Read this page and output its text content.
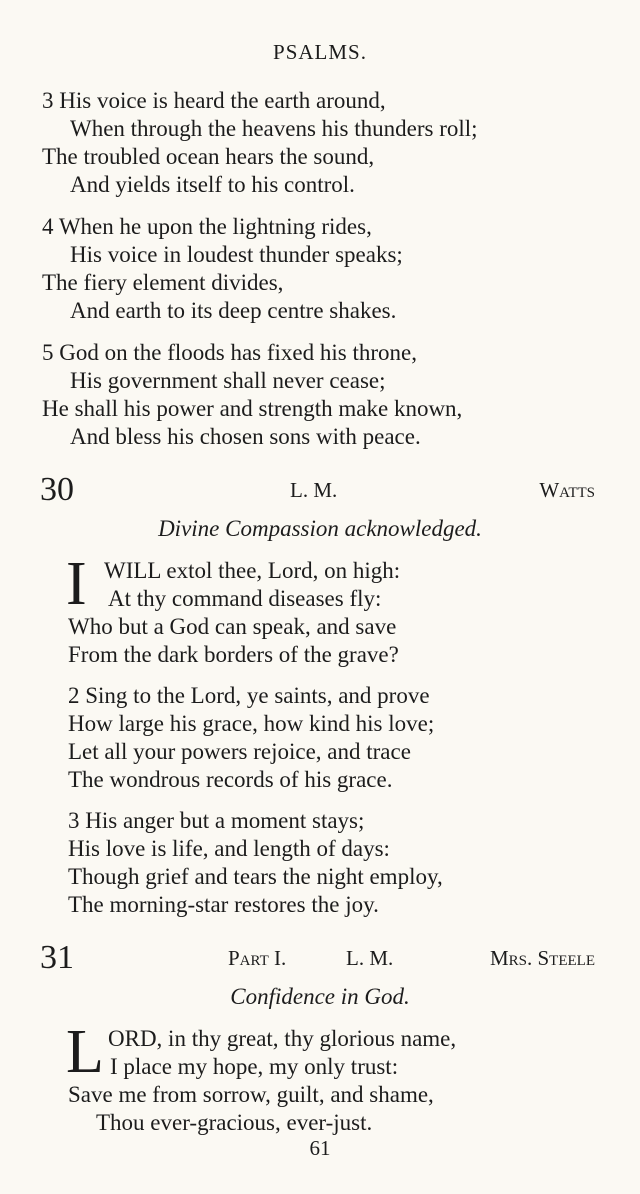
PSALMS.
3 His voice is heard the earth around,
When through the heavens his thunders roll;
The troubled ocean hears the sound,
And yields itself to his control.
4 When he upon the lightning rides,
His voice in loudest thunder speaks;
The fiery element divides,
And earth to its deep centre shakes.
5 God on the floods has fixed his throne,
His government shall never cease;
He shall his power and strength make known,
And bless his chosen sons with peace.
30	L. M.	Watts
Divine Compassion acknowledged.
I WILL extol thee, Lord, on high:
At thy command diseases fly:
Who but a God can speak, and save
From the dark borders of the grave?
2 Sing to the Lord, ye saints, and prove
How large his grace, how kind his love;
Let all your powers rejoice, and trace
The wondrous records of his grace.
3 His anger but a moment stays;
His love is life, and length of days:
Though grief and tears the night employ,
The morning-star restores the joy.
31	Part I.	L. M.	Mrs. Steele
Confidence in God.
L ORD, in thy great, thy glorious name,
I place my hope, my only trust:
Save me from sorrow, guilt, and shame,
Thou ever-gracious, ever-just.
61
